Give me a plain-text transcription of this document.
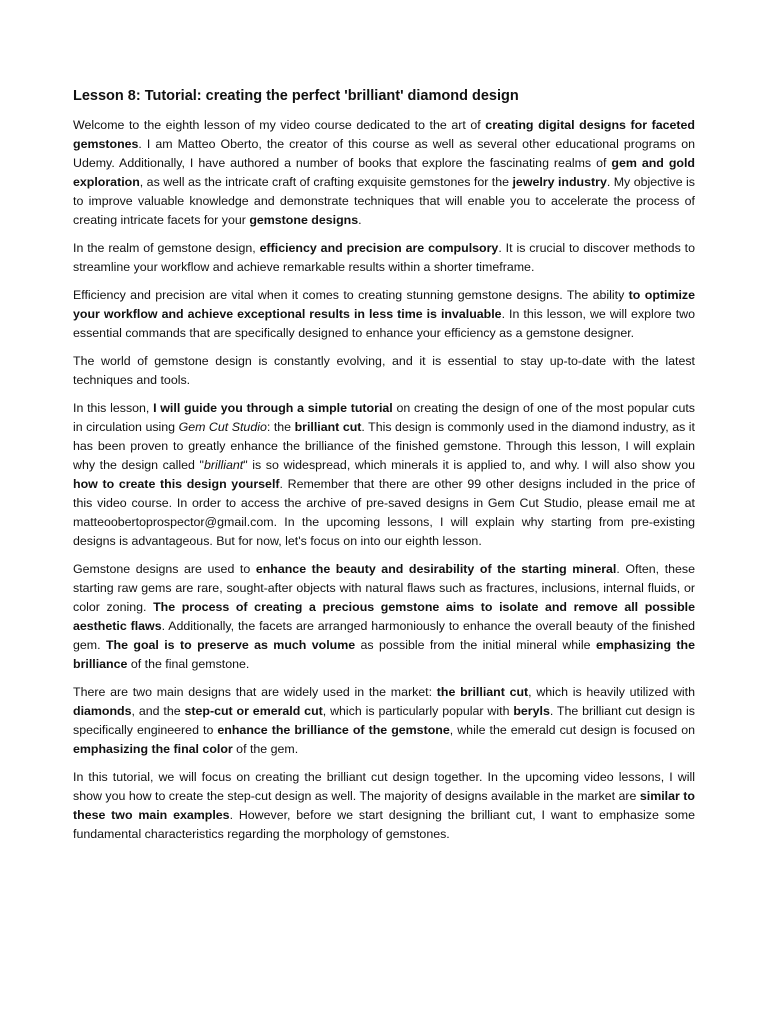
Lesson 8: Tutorial: creating the perfect 'brilliant' diamond design

Welcome to the eighth lesson of my video course dedicated to the art of creating digital designs for faceted gemstones. I am Matteo Oberto, the creator of this course as well as several other educational programs on Udemy. Additionally, I have authored a number of books that explore the fascinating realms of gem and gold exploration, as well as the intricate craft of crafting exquisite gemstones for the jewelry industry. My objective is to improve valuable knowledge and demonstrate techniques that will enable you to accelerate the process of creating intricate facets for your gemstone designs.

In the realm of gemstone design, efficiency and precision are compulsory. It is crucial to discover methods to streamline your workflow and achieve remarkable results within a shorter timeframe.

Efficiency and precision are vital when it comes to creating stunning gemstone designs. The ability to optimize your workflow and achieve exceptional results in less time is invaluable. In this lesson, we will explore two essential commands that are specifically designed to enhance your efficiency as a gemstone designer.

The world of gemstone design is constantly evolving, and it is essential to stay up-to-date with the latest techniques and tools.

In this lesson, I will guide you through a simple tutorial on creating the design of one of the most popular cuts in circulation using Gem Cut Studio: the brilliant cut. This design is commonly used in the diamond industry, as it has been proven to greatly enhance the brilliance of the finished gemstone. Through this lesson, I will explain why the design called "brilliant" is so widespread, which minerals it is applied to, and why. I will also show you how to create this design yourself. Remember that there are other 99 other designs included in the price of this video course. In order to access the archive of pre-saved designs in Gem Cut Studio, please email me at matteoobertoprospector@gmail.com. In the upcoming lessons, I will explain why starting from pre-existing designs is advantageous. But for now, let's focus on into our eighth lesson.

Gemstone designs are used to enhance the beauty and desirability of the starting mineral. Often, these starting raw gems are rare, sought-after objects with natural flaws such as fractures, inclusions, internal fluids, or color zoning. The process of creating a precious gemstone aims to isolate and remove all possible aesthetic flaws. Additionally, the facets are arranged harmoniously to enhance the overall beauty of the finished gem. The goal is to preserve as much volume as possible from the initial mineral while emphasizing the brilliance of the final gemstone.

There are two main designs that are widely used in the market: the brilliant cut, which is heavily utilized with diamonds, and the step-cut or emerald cut, which is particularly popular with beryls. The brilliant cut design is specifically engineered to enhance the brilliance of the gemstone, while the emerald cut design is focused on emphasizing the final color of the gem.

In this tutorial, we will focus on creating the brilliant cut design together. In the upcoming video lessons, I will show you how to create the step-cut design as well. The majority of designs available in the market are similar to these two main examples. However, before we start designing the brilliant cut, I want to emphasize some fundamental characteristics regarding the morphology of gemstones.
